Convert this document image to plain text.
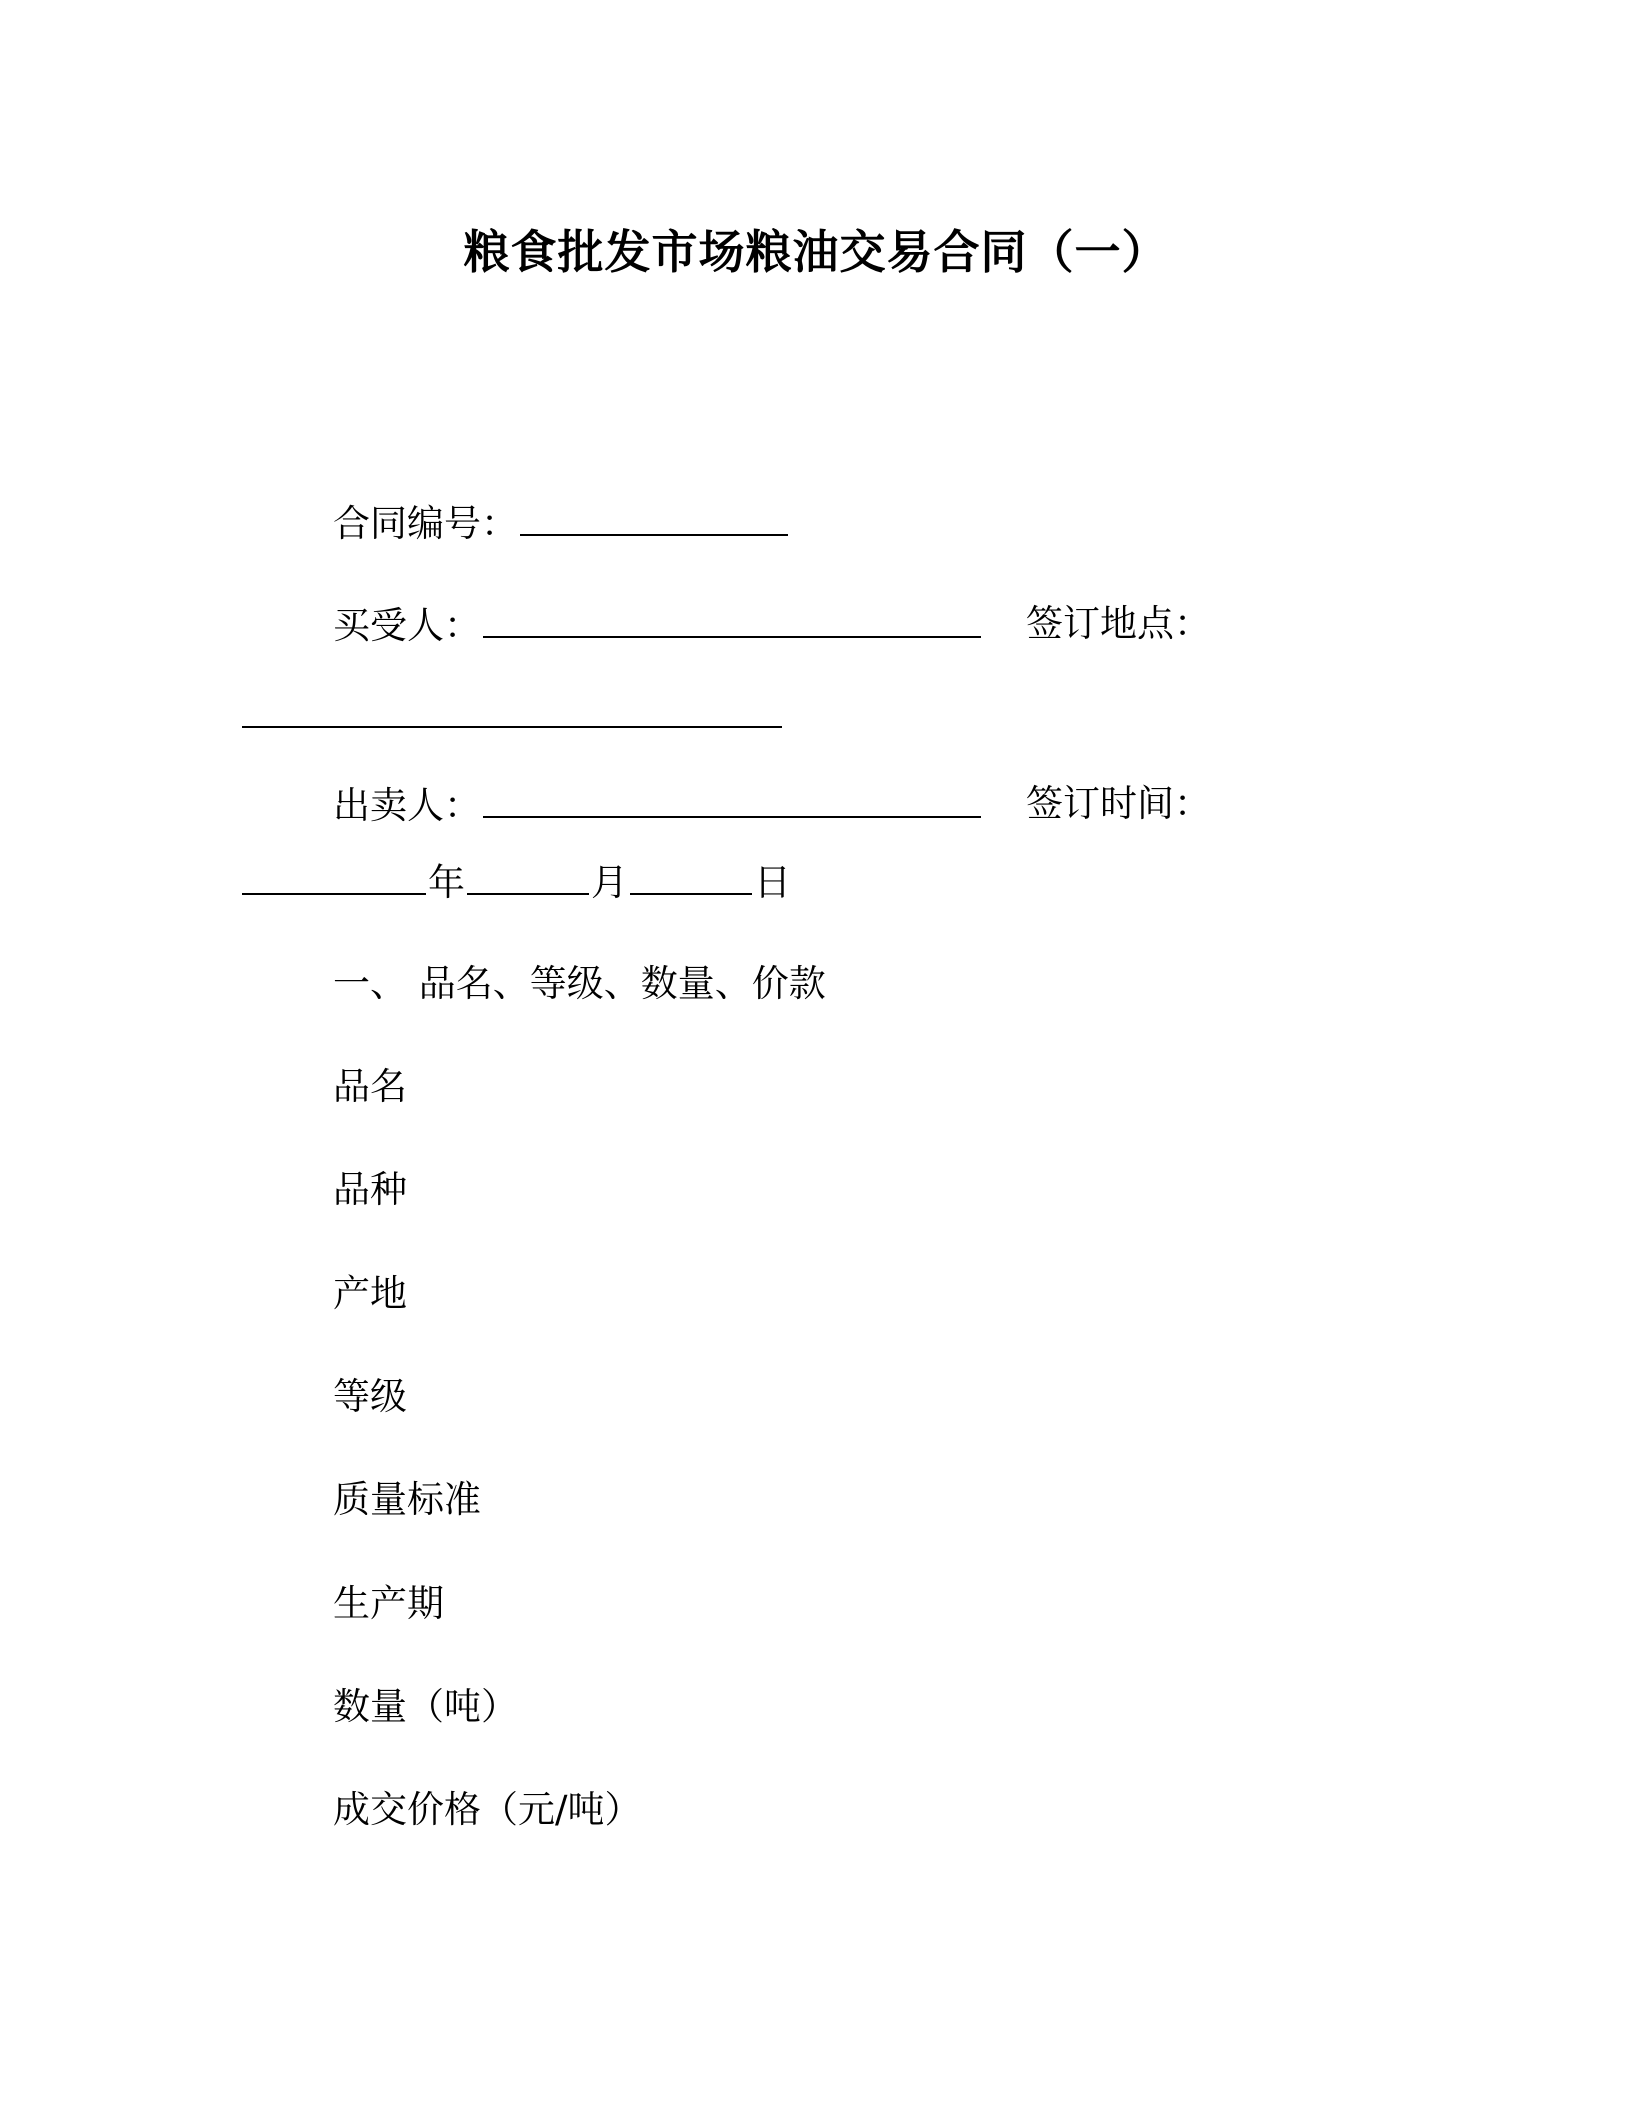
粮食批发市场粮油交易合同（一）
合同编号：
买受人：	签订地点：
出卖人：	签订时间：
年	月	日
一、 品名、等级、数量、价款
品名
品种
产地
等级
质量标准
生产期
数量（吨）
成交价格（元/吨）
